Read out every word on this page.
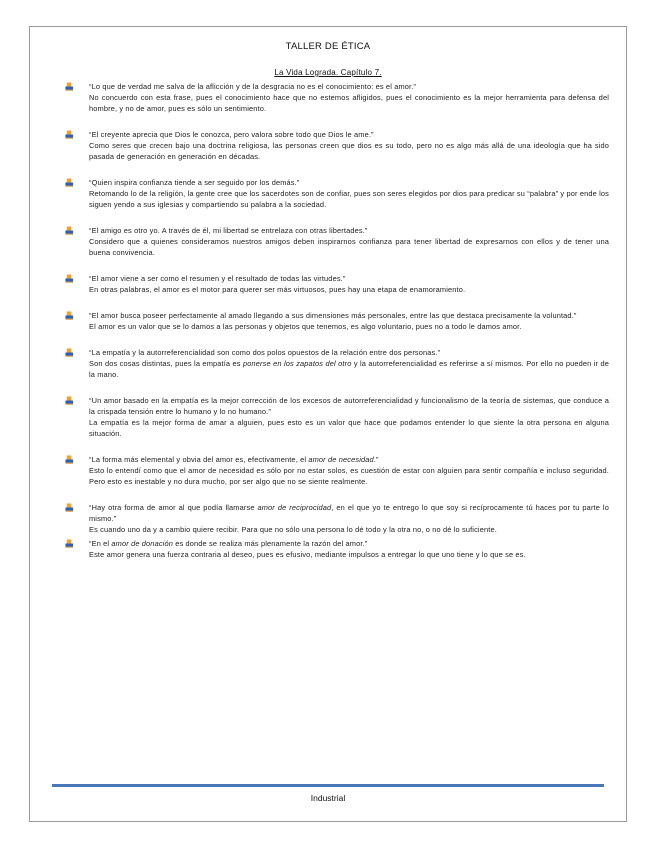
TALLER DE ÉTICA
La Vida Lograda. Capítulo 7.
“Lo que de verdad me salva de la aflicción y de la desgracia no es el conocimiento: es el amor.”
No concuerdo con esta frase, pues el conocimiento hace que no estemos afligidos, pues el conocimiento es la mejor herramienta para defensa del hombre, y no de amor, pues es sólo un sentimiento.
“El creyente aprecia que Dios le conozca, pero valora sobre todo que Dios le ame.”
Como seres que crecen bajo una doctrina religiosa, las personas creen que dios es su todo, pero no es algo más allá de una ideología que ha sido pasada de generación en generación en décadas.
“Quien inspira confianza tiende a ser seguido por los demás.”
Retomando lo de la religión, la gente cree que los sacerdotes son de confiar, pues son seres elegidos por dios para predicar su “palabra” y por ende los siguen yendo a sus iglesias y compartiendo su palabra a la sociedad.
“El amigo es otro yo. A través de él, mi libertad se entrelaza con otras libertades.”
Considero que a quienes consideramos nuestros amigos deben inspirarnos confianza para tener libertad de expresarnos con ellos y de tener una buena convivencia.
“El amor viene a ser como el resumen y el resultado de todas las virtudes.”
En otras palabras, el amor es el motor para querer ser más virtuosos, pues hay una etapa de enamoramiento.
“El amor busca poseer perfectamente al amado llegando a sus dimensiones más personales, entre las que destaca precisamente la voluntad.”
El amor es un valor que se lo damos a las personas y objetos que tenemos, es algo voluntario, pues no a todo le damos amor.
“La empatía y la autorreferencialidad son como dos polos opuestos de la relación entre dos personas.”
Son dos cosas distintas, pues la empatía es ponerse en los zapatos del otro y la autorreferencialidad es referirse a sí mismos. Por ello no pueden ir de la mano.
“Un amor basado en la empatía es la mejor corrección de los excesos de autorreferencialidad y funcionalismo de la teoría de sistemas, que conduce a la crispada tensión entre lo humano y lo no humano.”
La empatía es la mejor forma de amar a alguien, pues esto es un valor que hace que podamos entender lo que siente la otra persona en alguna situación.
“La forma más elemental y obvia del amor es, efectivamente, el amor de necesidad.”
Esto lo entendí como que el amor de necesidad es sólo por no estar solos, es cuestión de estar con alguien para sentir compañía e incluso seguridad. Pero esto es inestable y no dura mucho, por ser algo que no se siente realmente.
“Hay otra forma de amor al que podía llamarse amor de reciprocidad, en el que yo te entrego lo que soy si recíprocamente tú haces por tu parte lo mismo.”
Es cuando uno da y a cambio quiere recibir. Para que no sólo una persona lo dé todo y la otra no, o no dé lo suficiente.
“En el amor de donación es donde se realiza más plenamente la razón del amor.”
Este amor genera una fuerza contraria al deseo, pues es efusivo, mediante impulsos a entregar lo que uno tiene y lo que se es.
Industrial
